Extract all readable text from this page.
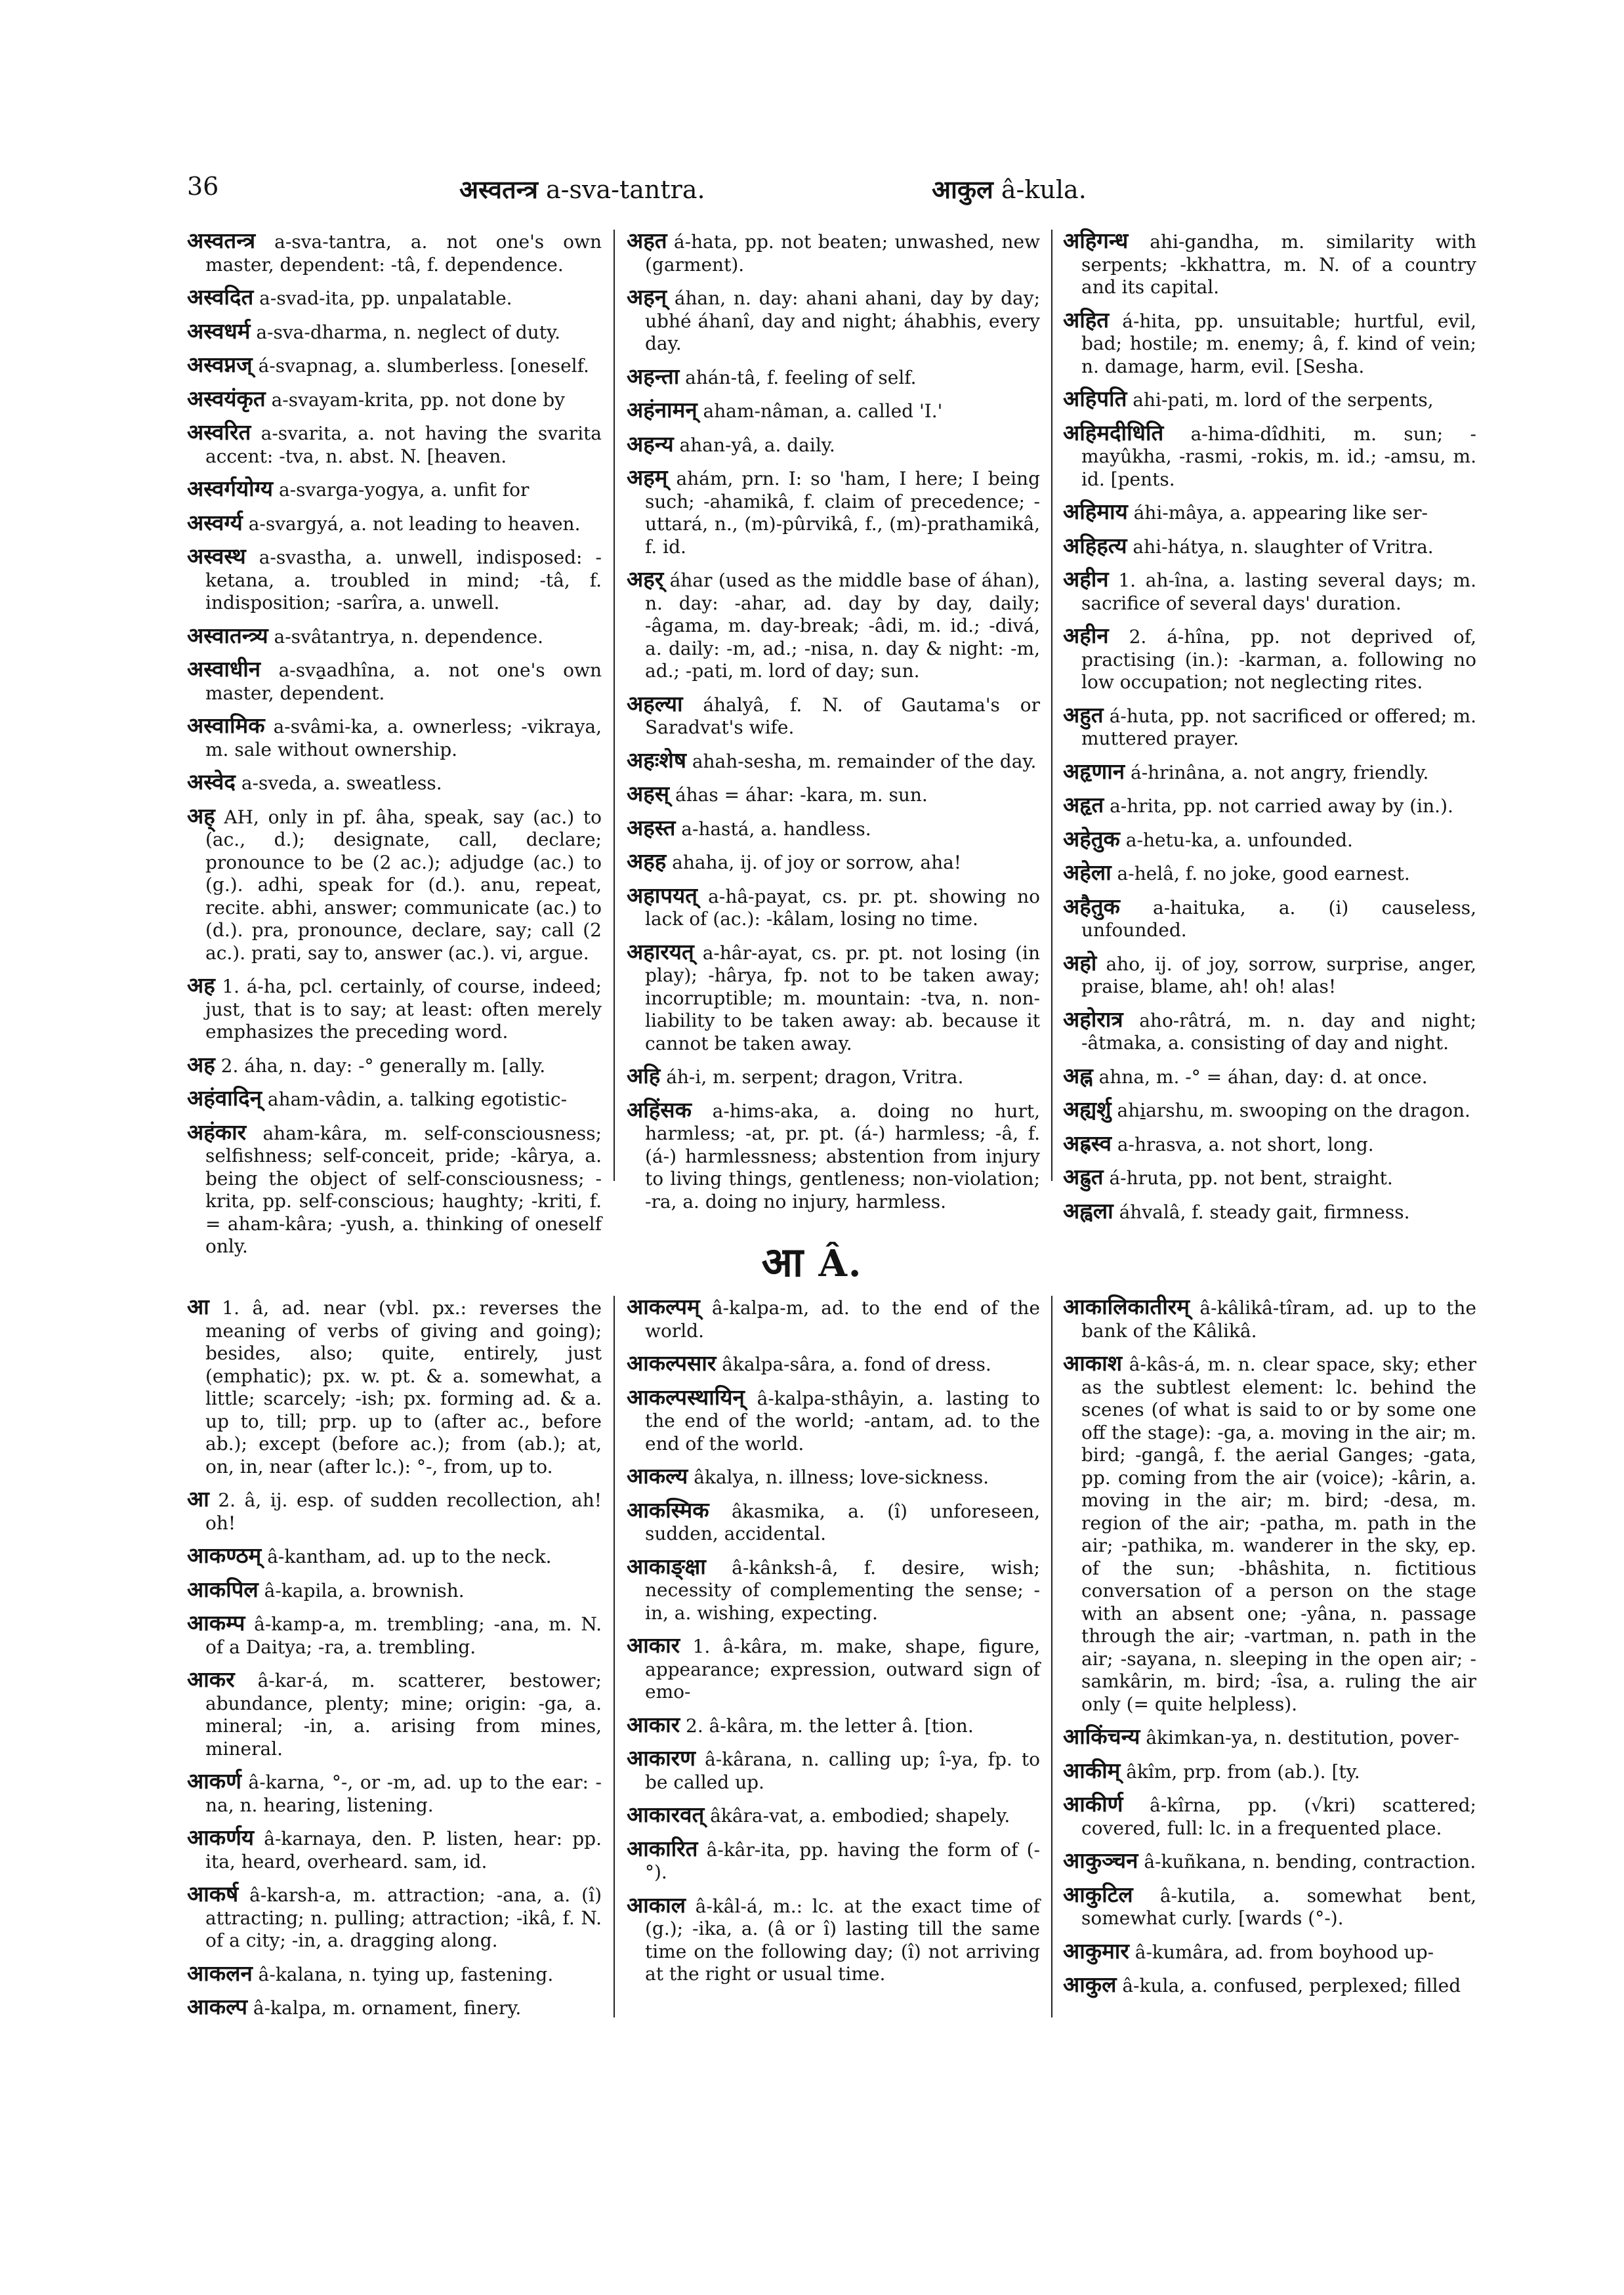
36	अस्वतन्त्र a-sva-tantra.	आकुल â-kula.

अस्वतन्त्र a-sva-tantra, a. not one's own master, dependent: -tâ, f. dependence.

अस्वदित a-svad-ita, pp. unpalatable.

अस्वधर्म a-sva-dharma, n. neglect of duty.

अस्वप्नज् á-svapnag, a. slumberless. [oneself.

अस्वयंकृत a-svayam-krita, pp. not done by

अस्वरित a-svarita, a. not having the svarita accent: -tva, n. abst. N. [heaven.

अस्वर्गयोग्य a-svarga-yogya, a. unfit for

अस्वर्ग्य a-svargyá, a. not leading to heaven.

अस्वस्थ a-svastha, a. unwell, indisposed: -ketana, a. troubled in mind; -tâ, f. indisposition; -sarîra, a. unwell.

अस्वातन्त्र्य a-svâtantrya, n. dependence.

अस्वाधीन a-sva̱adhîna, a. not one's own master, dependent.

अस्वामिक a-svâmi-ka, a. ownerless; -vikraya, m. sale without ownership.

अस्वेद a-sveda, a. sweatless.

अह् AH, only in pf. âha, speak, say (ac.) to (ac., d.); designate, call, declare; pronounce to be (2 ac.); adjudge (ac.) to (g.). adhi, speak for (d.). anu, repeat, recite. abhi, answer; communicate (ac.) to (d.). pra, pronounce, declare, say; call (2 ac.). prati, say to, answer (ac.). vi, argue.

अह 1. á-ha, pcl. certainly, of course, indeed; just, that is to say; at least: often merely emphasizes the preceding word.

अह 2. áha, n. day: -° generally m. [ally.

अहंवादिन् aham-vâdin, a. talking egotistic-

अहंकार aham-kâra, m. self-consciousness; selfishness; self-conceit, pride; -kârya, a. being the object of self-consciousness; -krita, pp. self-conscious; haughty; -kriti, f. = aham-kâra; -yush, a. thinking of oneself only.

अहत á-hata, pp. not beaten; unwashed, new (garment).

अहन् áhan, n. day: ahani ahani, day by day; ubhé áhanî, day and night; áhabhis, every day.

अहन्ता ahán-tâ, f. feeling of self.

अहंनामन् aham-nâman, a. called 'I.'

अहन्य ahan-yâ, a. daily.

अहम् ahám, prn. I: so 'ham, I here; I being such; -ahamikâ, f. claim of precedence; -uttará, n., (m)-pûrvikâ, f., (m)-prathamikâ, f. id.

अहर् áhar (used as the middle base of áhan), n. day: -ahar, ad. day by day, daily; -âgama, m. day-break; -âdi, m. id.; -divá, a. daily: -m, ad.; -nisa, n. day & night: -m, ad.; -pati, m. lord of day; sun.

अहल्या áhalyâ, f. N. of Gautama's or Saradvat's wife.

अहःशेष ahah-sesha, m. remainder of the day.

अहस् áhas = áhar: -kara, m. sun.

अहस्त a-hastá, a. handless.

अहह ahaha, ij. of joy or sorrow, aha!

अहापयत् a-hâ-payat, cs. pr. pt. showing no lack of (ac.): -kâlam, losing no time.

अहारयत् a-hâr-ayat, cs. pr. pt. not losing (in play); -hârya, fp. not to be taken away; incorruptible; m. mountain: -tva, n. non-liability to be taken away: ab. because it cannot be taken away.

अहि áh-i, m. serpent; dragon, Vritra.

अहिंसक a-hims-aka, a. doing no hurt, harmless; -at, pr. pt. (á-) harmless; -â, f. (á-) harmlessness; abstention from injury to living things, gentleness; non-violation; -ra, a. doing no injury, harmless.

अहिगन्ध ahi-gandha, m. similarity with serpents; -kkhattra, m. N. of a country and its capital.

अहित á-hita, pp. unsuitable; hurtful, evil, bad; hostile; m. enemy; â, f. kind of vein; n. damage, harm, evil. [Sesha.

अहिपति ahi-pati, m. lord of the serpents,

अहिमदीधिति a-hima-dîdhiti, m. sun; -mayûkha, -rasmi, -rokis, m. id.; -amsu, m. id. [pents.

अहिमाय áhi-mâya, a. appearing like ser-

अहिहत्य ahi-hátya, n. slaughter of Vritra.

अहीन 1. ah-îna, a. lasting several days; m. sacrifice of several days' duration.

अहीन 2. á-hîna, pp. not deprived of, practising (in.): -karman, a. following no low occupation; not neglecting rites.

अहुत á-huta, pp. not sacrificed or offered; m. muttered prayer.

अहृणान á-hrinâna, a. not angry, friendly.

अहृत a-hrita, pp. not carried away by (in.).

अहेतुक a-hetu-ka, a. unfounded.

अहेला a-helâ, f. no joke, good earnest.

अहैतुक a-haituka, a. (i) causeless, unfounded.

अहो aho, ij. of joy, sorrow, surprise, anger, praise, blame, ah! oh! alas!

अहोरात्र aho-râtrá, m. n. day and night; -âtmaka, a. consisting of day and night.

अह्न ahna, m. -° = áhan, day: d. at once.

अह्यर्शु ahi̱arshu, m. swooping on the dragon.

अह्रस्व a-hrasva, a. not short, long.

अह्रुत á-hruta, pp. not bent, straight.

अह्वला áhvalâ, f. steady gait, firmness.

आ Â.

आ 1. â, ad. near (vbl. px.: reverses the meaning of verbs of giving and going); besides, also; quite, entirely, just (emphatic); px. w. pt. & a. somewhat, a little; scarcely; -ish; px. forming ad. & a. up to, till; prp. up to (after ac., before ab.); except (before ac.); from (ab.); at, on, in, near (after lc.): °-, from, up to.

आ 2. â, ij. esp. of sudden recollection, ah! oh!

आकण्ठम् â-kantham, ad. up to the neck.

आकपिल â-kapila, a. brownish.

आकम्प â-kamp-a, m. trembling; -ana, m. N. of a Daitya; -ra, a. trembling.

आकर â-kar-á, m. scatterer, bestower; abundance, plenty; mine; origin: -ga, a. mineral; -in, a. arising from mines, mineral.

आकर्ण â-karna, °-, or -m, ad. up to the ear: -na, n. hearing, listening.

आकर्णय â-karnaya, den. P. listen, hear: pp. ita, heard, overheard. sam, id.

आकर्ष â-karsh-a, m. attraction; -ana, a. (î) attracting; n. pulling; attraction; -ikâ, f. N. of a city; -in, a. dragging along.

आकलन â-kalana, n. tying up, fastening.

आकल्प â-kalpa, m. ornament, finery.

आकल्पम् â-kalpa-m, ad. to the end of the world.

आकल्पसार âkalpa-sâra, a. fond of dress.

आकल्पस्थायिन् â-kalpa-sthâyin, a. lasting to the end of the world; -antam, ad. to the end of the world.

आकल्य âkalya, n. illness; love-sickness.

आकस्मिक âkasmika, a. (î) unforeseen, sudden, accidental.

आकाङ्क्षा â-kânksh-â, f. desire, wish; necessity of complementing the sense; -in, a. wishing, expecting.

आकार 1. â-kâra, m. make, shape, figure, appearance; expression, outward sign of emo-

आकार 2. â-kâra, m. the letter â. [tion.

आकारण â-kârana, n. calling up; î-ya, fp. to be called up.

आकारवत् âkâra-vat, a. embodied; shapely.

आकारित â-kâr-ita, pp. having the form of (-°).

आकाल â-kâl-á, m.: lc. at the exact time of (g.); -ika, a. (â or î) lasting till the same time on the following day; (î) not arriving at the right or usual time.

आकालिकातीरम् â-kâlikâ-tîram, ad. up to the bank of the Kâlikâ.

आकाश â-kâs-á, m. n. clear space, sky; ether as the subtlest element: lc. behind the scenes (of what is said to or by some one off the stage): -ga, a. moving in the air; m. bird; -gangâ, f. the aerial Ganges; -gata, pp. coming from the air (voice); -kârin, a. moving in the air; m. bird; -desa, m. region of the air; -patha, m. path in the air; -pathika, m. wanderer in the sky, ep. of the sun; -bhâshita, n. fictitious conversation of a person on the stage with an absent one; -yâna, n. passage through the air; -vartman, n. path in the air; -sayana, n. sleeping in the open air; -samkârin, m. bird; -îsa, a. ruling the air only (= quite helpless).

आकिंचन्य âkimkan-ya, n. destitution, pover-

आकीम् âkîm, prp. from (ab.). [ty.

आकीर्ण â-kîrna, pp. (√kri) scattered; covered, full: lc. in a frequented place.

आकुञ्चन â-kuñkana, n. bending, contraction.

आकुटिल â-kutila, a. somewhat bent, somewhat curly. [wards (°-).

आकुमार â-kumâra, ad. from boyhood up-

आकुल â-kula, a. confused, perplexed; filled
